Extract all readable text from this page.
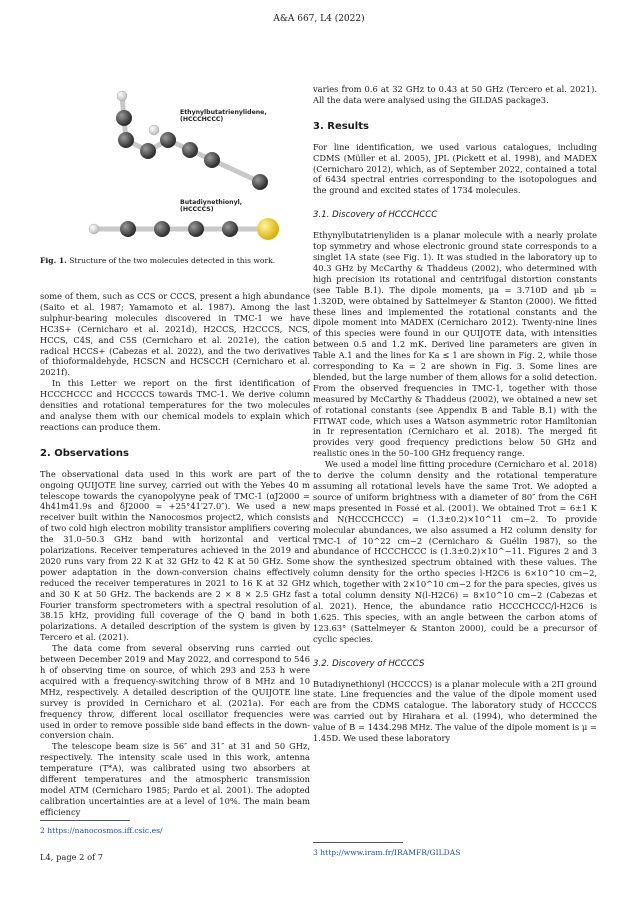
A&A 667, L4 (2022)
Ethynylbutatrienylidene,
(HCCCHCCC)
Butadiynethionyl,
(HCCCCS)
Fig. 1. Structure of the two molecules detected in this work.

some of them, such as CCS or CCCS, present a high abundance (Saito et al. 1987; Yamamoto et al. 1987). Among the last sulphur-bearing molecules discovered in TMC-1 we have HC3S+ (Cernicharo et al. 2021d), H2CCS, H2CCCS, NCS, HCCS, C4S, and C5S (Cernicharo et al. 2021e), the cation radical HCCS+ (Cabezas et al. 2022), and the two derivatives of thioformaldehyde, HCSCN and HCSCCH (Cernicharo et al. 2021f).

In this Letter we report on the first identification of HCCCHCCC and HCCCCS towards TMC-1. We derive column densities and rotational temperatures for the two molecules and analyse them with our chemical models to explain which reactions can produce them.

2. Observations

The observational data used in this work are part of the ongoing QUIJOTE line survey, carried out with the Yebes 40 m telescope towards the cyanopolyyne peak of TMC-1 (αJ2000 = 4h41m41.9s and δJ2000 = +25°41′27.0″). We used a new receiver built within the Nanocosmos project2, which consists of two cold high electron mobility transistor amplifiers covering the 31.0–50.3 GHz band with horizontal and vertical polarizations. Receiver temperatures achieved in the 2019 and 2020 runs vary from 22 K at 32 GHz to 42 K at 50 GHz. Some power adaptation in the down-conversion chains effectively reduced the receiver temperatures in 2021 to 16 K at 32 GHz and 30 K at 50 GHz. The backends are 2 × 8 × 2.5 GHz fast Fourier transform spectrometers with a spectral resolution of 38.15 kHz, providing full coverage of the Q band in both polarizations. A detailed description of the system is given by Tercero et al. (2021).

The data come from several observing runs carried out between December 2019 and May 2022, and correspond to 546 h of observing time on source, of which 293 and 253 h were acquired with a frequency-switching throw of 8 MHz and 10 MHz, respectively. A detailed description of the QUIJOTE line survey is provided in Cernicharo et al. (2021a). For each frequency throw, different local oscillator frequencies were used in order to remove possible side band effects in the down-conversion chain.

The telescope beam size is 56″ and 31″ at 31 and 50 GHz, respectively. The intensity scale used in this work, antenna temperature (T*A), was calibrated using two absorbers at different temperatures and the atmospheric transmission model ATM (Cernicharo 1985; Pardo et al. 2001). The adopted calibration uncertainties are at a level of 10%. The main beam efficiency

2 https://nanocosmos.iff.csic.es/

varies from 0.6 at 32 GHz to 0.43 at 50 GHz (Tercero et al. 2021). All the data were analysed using the GILDAS package3.

3. Results

For line identification, we used various catalogues, including CDMS (Müller et al. 2005), JPL (Pickett et al. 1998), and MADEX (Cernicharo 2012), which, as of September 2022, contained a total of 6434 spectral entries corresponding to the isotopologues and the ground and excited states of 1734 molecules.

3.1. Discovery of HCCCHCCC

Ethynylbutatrienyliden is a planar molecule with a nearly prolate top symmetry and whose electronic ground state corresponds to a singlet 1A state (see Fig. 1). It was studied in the laboratory up to 40.3 GHz by McCarthy & Thaddeus (2002), who determined with high precision its rotational and centrifugal distortion constants (see Table B.1). The dipole moments, μa = 3.710D and μb = 1.320D, were obtained by Sattelmeyer & Stanton (2000). We fitted these lines and implemented the rotational constants and the dipole moment into MADEX (Cernicharo 2012). Twenty-nine lines of this species were found in our QUIJOTE data, with intensities between 0.5 and 1.2 mK. Derived line parameters are given in Table A.1 and the lines for Ka ≤ 1 are shown in Fig. 2, while those corresponding to Ka = 2 are shown in Fig. 3. Some lines are blended, but the large number of them allows for a solid detection. From the observed frequencies in TMC-1, together with those measured by McCarthy & Thaddeus (2002), we obtained a new set of rotational constants (see Appendix B and Table B.1) with the FITWAT code, which uses a Watson asymmetric rotor Hamiltonian in Ir representation (Cernicharo et al. 2018). The merged fit provides very good frequency predictions below 50 GHz and realistic ones in the 50–100 GHz frequency range.

We used a model line fitting procedure (Cernicharo et al. 2018) to derive the column density and the rotational temperature assuming all rotational levels have the same Trot. We adopted a source of uniform brightness with a diameter of 80″ from the C6H maps presented in Fossé et al. (2001). We obtained Trot = 6±1 K and N(HCCCHCCC) = (1.3±0.2)×10^11 cm−2. To provide molecular abundances, we also assumed a H2 column density for TMC-1 of 10^22 cm−2 (Cernicharo & Guélin 1987), so the abundance of HCCCHCCC is (1.3±0.2)×10^−11. Figures 2 and 3 show the synthesized spectrum obtained with these values. The column density for the ortho species l-H2C6 is 6×10^10 cm−2, which, together with 2×10^10 cm−2 for the para species, gives us a total column density N(l-H2C6) = 8×10^10 cm−2 (Cabezas et al. 2021). Hence, the abundance ratio HCCCHCCC/l-H2C6 is 1.625. This species, with an angle between the carbon atoms of 123.63° (Sattelmeyer & Stanton 2000), could be a precursor of cyclic species.

3.2. Discovery of HCCCCS

Butadiynethionyl (HCCCCS) is a planar molecule with a 2Π ground state. Line frequencies and the value of the dipole moment used are from the CDMS catalogue. The laboratory study of HCCCCS was carried out by Hirahara et al. (1994), who determined the value of B = 1434.298 MHz. The value of the dipole moment is μ = 1.45D. We used these laboratory

3 http://www.iram.fr/IRAMFR/GILDAS
L4, page 2 of 7
